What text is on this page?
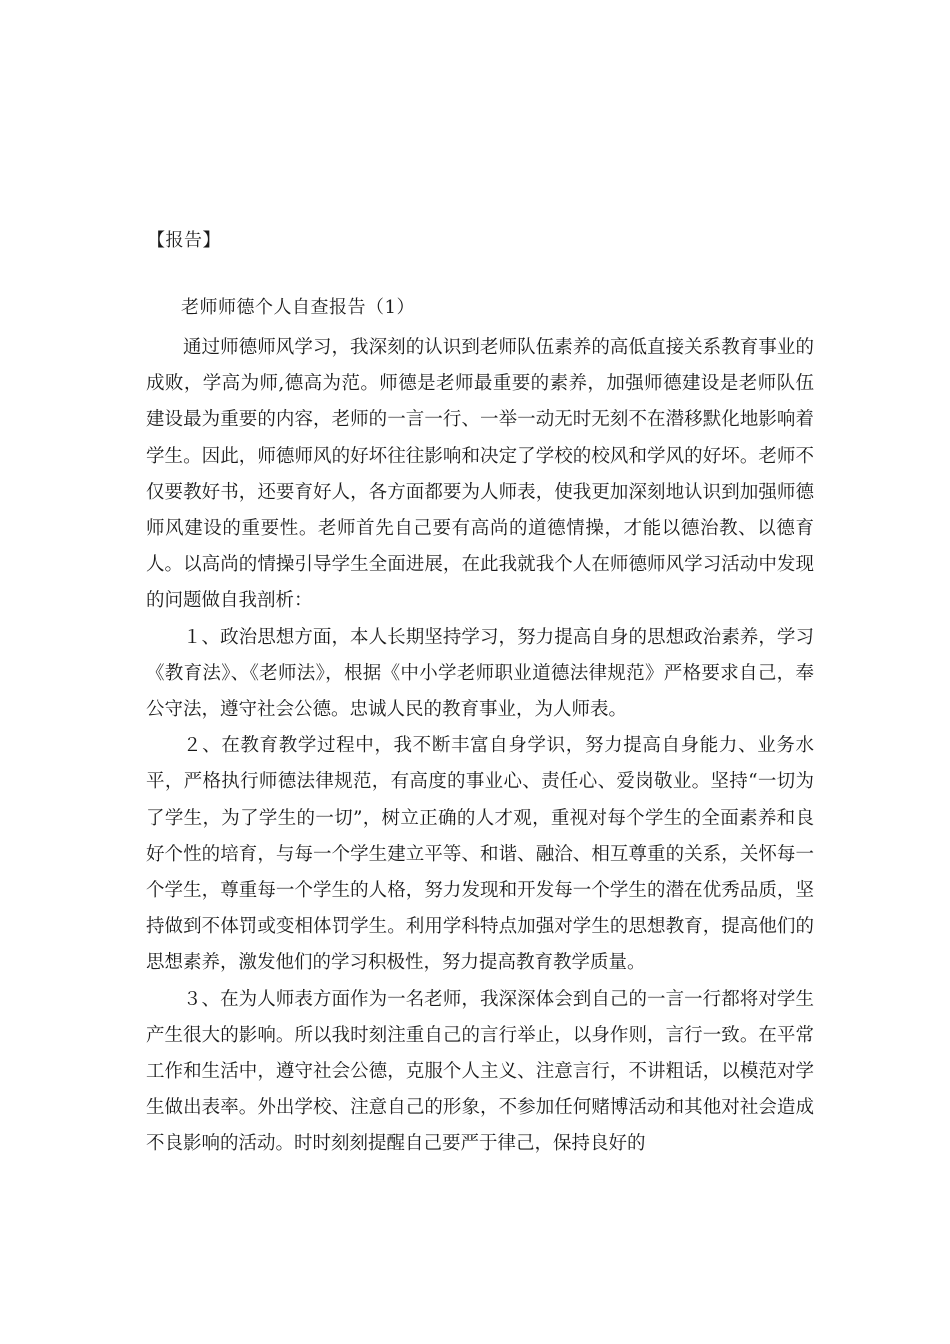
【报告】
老师师德个人自查报告（1）

通过师德师风学习，我深刻的认识到老师队伍素养的高低直接关系教育事业的成败，学高为师,德高为范。师德是老师最重要的素养，加强师德建设是老师队伍建设最为重要的内容，老师的一言一行、一举一动无时无刻不在潜移默化地影响着学生。因此，师德师风的好坏往往影响和决定了学校的校风和学风的好坏。老师不仅要教好书，还要育好人，各方面都要为人师表，使我更加深刻地认识到加强师德师风建设的重要性。老师首先自己要有高尚的道德情操，才能以德治教、以德育人。以高尚的情操引导学生全面进展，在此我就我个人在师德师风学习活动中发现的问题做自我剖析：

１、政治思想方面，本人长期坚持学习，努力提高自身的思想政治素养，学习《教育法》、《老师法》，根据《中小学老师职业道德法律规范》严格要求自己，奉公守法，遵守社会公德。忠诚人民的教育事业，为人师表。

２、在教育教学过程中，我不断丰富自身学识，努力提高自身能力、业务水平，严格执行师德法律规范，有高度的事业心、责任心、爱岗敬业。坚持“一切为了学生，为了学生的一切”，树立正确的人才观，重视对每个学生的全面素养和良好个性的培育，与每一个学生建立平等、和谐、融洽、相互尊重的关系，关怀每一个学生，尊重每一个学生的人格，努力发现和开发每一个学生的潜在优秀品质，坚持做到不体罚或变相体罚学生。利用学科特点加强对学生的思想教育，提高他们的思想素养，激发他们的学习积极性，努力提高教育教学质量。

３、在为人师表方面作为一名老师，我深深体会到自己的一言一行都将对学生产生很大的影响。所以我时刻注重自己的言行举止，以身作则，言行一致。在平常工作和生活中，遵守社会公德，克服个人主义、注意言行，不讲粗话，以模范对学生做出表率。外出学校、注意自己的形象，不参加任何赌博活动和其他对社会造成不良影响的活动。时时刻刻提醒自己要严于律己，保持良好的
